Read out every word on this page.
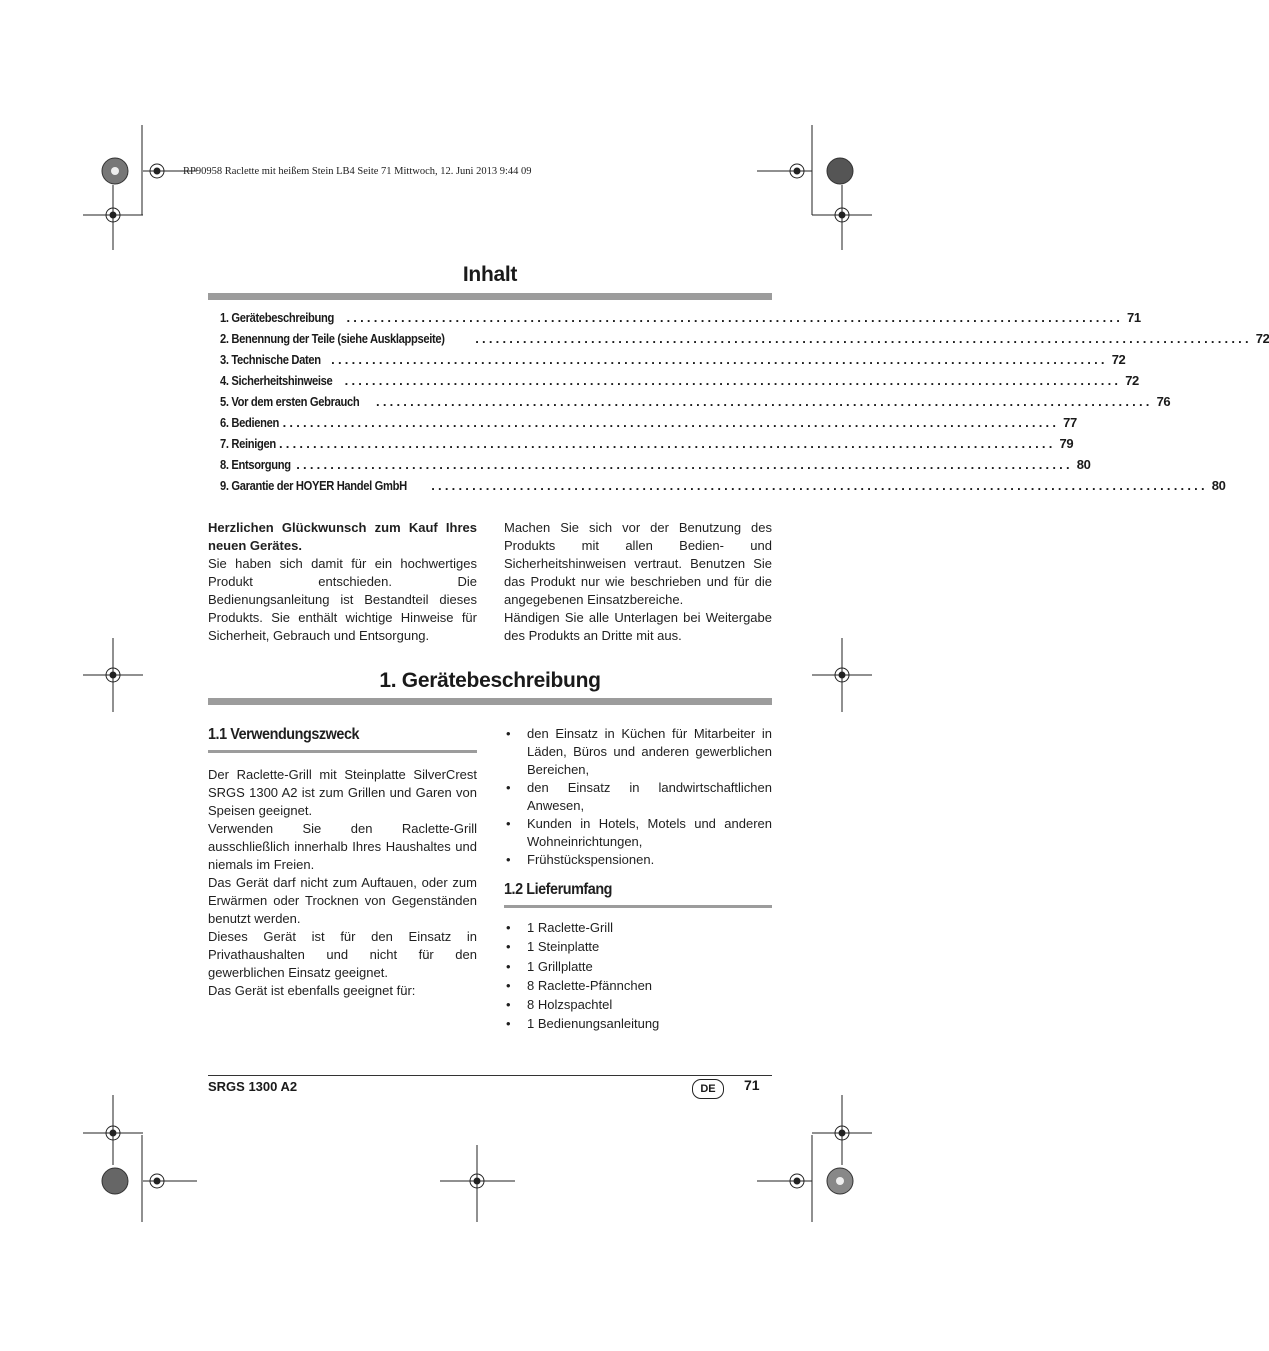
RP90958 Raclette mit heißem Stein LB4 Seite 71 Mittwoch, 12. Juni 2013 9:44 09
Inhalt
1. Gerätebeschreibung .................................................................................................................. 71
2. Benennung der Teile (siehe Ausklappseite) .................................................................................................................. 72
3. Technische Daten .................................................................................................................. 72
4. Sicherheitshinweise .................................................................................................................. 72
5. Vor dem ersten Gebrauch .................................................................................................................. 76
6. Bedienen .................................................................................................................. 77
7. Reinigen .................................................................................................................. 79
8. Entsorgung .................................................................................................................. 80
9. Garantie der HOYER Handel GmbH .................................................................................................................. 80

Herzlichen Glückwunsch zum Kauf Ihres neuen Gerätes.

Sie haben sich damit für ein hochwertiges Produkt entschieden. Die Bedienungsanleitung ist Bestandteil dieses Produkts. Sie enthält wichtige Hinweise für Sicherheit, Gebrauch und Entsorgung.

Machen Sie sich vor der Benutzung des Produkts mit allen Bedien- und Sicherheitshinweisen vertraut. Benutzen Sie das Produkt nur wie beschrieben und für die angegebenen Einsatzbereiche.

Händigen Sie alle Unterlagen bei Weitergabe des Produkts an Dritte mit aus.

1. Gerätebeschreibung
1.1 Verwendungszweck

Der Raclette-Grill mit Steinplatte SilverCrest SRGS 1300 A2 ist zum Grillen und Garen von Speisen geeignet.

Verwenden Sie den Raclette-Grill ausschließlich innerhalb Ihres Haushaltes und niemals im Freien.

Das Gerät darf nicht zum Auftauen, oder zum Erwärmen oder Trocknen von Gegenständen benutzt werden.

Dieses Gerät ist für den Einsatz in Privathaushalten und nicht für den gewerblichen Einsatz geeignet.

Das Gerät ist ebenfalls geeignet für:

• den Einsatz in Küchen für Mitarbeiter in Läden, Büros und anderen gewerblichen Bereichen,
• den Einsatz in landwirtschaftlichen Anwesen,
• Kunden in Hotels, Motels und anderen Wohneinrichtungen,
• Frühstückspensionen.
1.2 Lieferumfang
• 1 Raclette-Grill
• 1 Steinplatte
• 1 Grillplatte
• 8 Raclette-Pfännchen
• 8 Holzspachtel
• 1 Bedienungsanleitung
SRGS 1300 A2	DE	71
